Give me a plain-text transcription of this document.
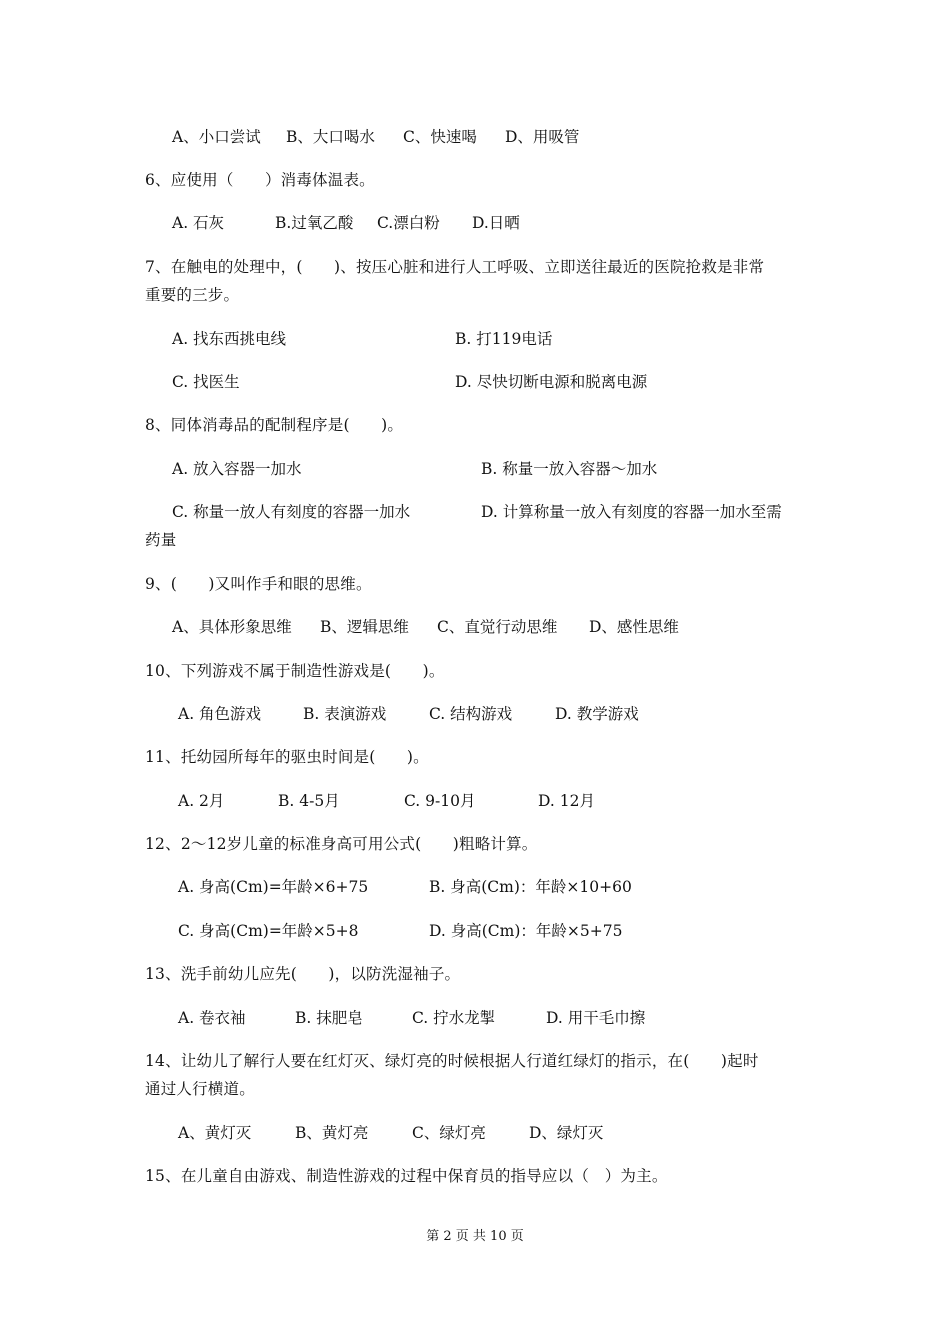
A、小口尝试 B、大口喝水 C、快速喝 D、用吸管
6、应使用（　　）消毒体温表。
A. 石灰	B.过氧乙酸 C.漂白粉 D.日晒
7、在触电的处理中，(　　)、按压心脏和进行人工呼吸、立即送往最近的医院抢救是非常
重要的三步。
A. 找东西挑电线	B. 打119电话
C. 找医生	D. 尽快切断电源和脱离电源
8、同体消毒品的配制程序是(　　)。
A. 放入容器一加水	B. 称量一放入容器～加水
C. 称量一放人有刻度的容器一加水	D. 计算称量一放入有刻度的容器一加水至需
药量
9、(　　)又叫作手和眼的思维。
A、具体形象思维 B、逻辑思维 C、直觉行动思维 D、感性思维
10、下列游戏不属于制造性游戏是(　　)。
A. 角色游戏	B. 表演游戏	C. 结构游戏	D. 教学游戏
11、托幼园所每年的驱虫时间是(　　)。
A. 2月	B. 4-5月	C. 9-10月	D. 12月
12、2～12岁儿童的标准身高可用公式(　　)粗略计算。
A. 身高(Cm)=年龄×6+75	B. 身高(Cm)：年龄×10+60
C. 身高(Cm)=年龄×5+8	D. 身高(Cm)：年龄×5+75
13、洗手前幼儿应先(　　)，以防洗湿袖子。
A. 卷衣袖	B. 抹肥皂	C. 拧水龙掣	D. 用干毛巾擦
14、让幼儿了解行人要在红灯灭、绿灯亮的时候根据人行道红绿灯的指示，在(　　)起时
通过人行横道。
A、黄灯灭	B、黄灯亮	C、绿灯亮	D、绿灯灭
15、在儿童自由游戏、制造性游戏的过程中保育员的指导应以（　）为主。
第 2 页 共 10 页
